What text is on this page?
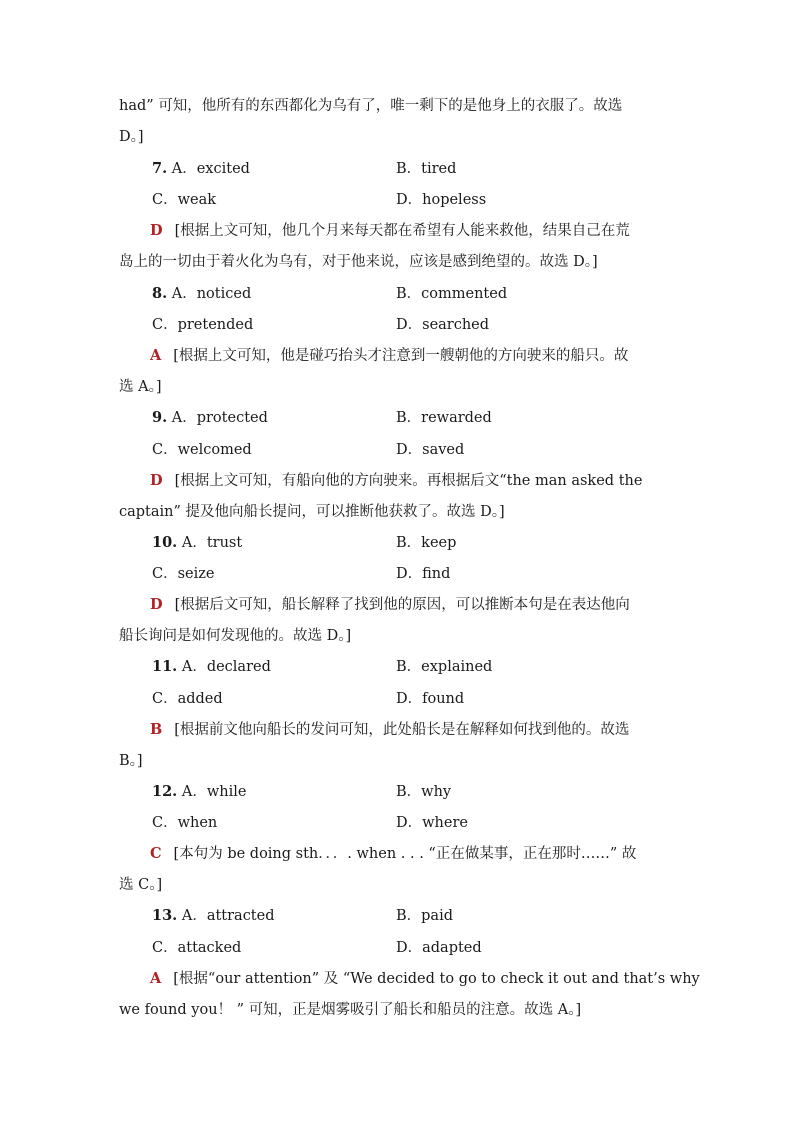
had” 可知，他所有的东西都化为乌有了，唯一剩下的是他身上的衣服了。故选
D。]
7. A．excited	B．tired
C．weak	D．hopeless
D [根据上文可知，他几个月来每天都在希望有人能来救他，结果自己在荒
岛上的一切由于着火化为乌有，对于他来说，应该是感到绝望的。故选 D。]
8. A．noticed	B．commented
C．pretended	D．searched
A [根据上文可知，他是碰巧抬头才注意到一艘朝他的方向驶来的船只。故
选 A。]
9. A．protected	B．rewarded
C．welcomed	D．saved
D [根据上文可知，有船向他的方向驶来。再根据后文“the man asked the
captain” 提及他向船长提问，可以推断他获救了。故选 D。]
10. A．trust	B．keep
C．seize	D．find
D [根据后文可知，船长解释了找到他的原因，可以推断本句是在表达他向
船长询问是如何发现他的。故选 D。]
11. A．declared	B．explained
C．added	D．found
B [根据前文他向船长的发问可知，此处船长是在解释如何找到他的。故选
B。]
12. A．while	B．why
C．when	D．where
C [本句为 be doing sth．．．. when . . . “正在做某事，正在那时……” 故
选 C。]
13. A．attracted	B．paid
C．attacked	D．adapted
A [根据“our attention” 及 “We decided to go to check it out and that’s why
we found you！ ” 可知，正是烟雾吸引了船长和船员的注意。故选 A。]
